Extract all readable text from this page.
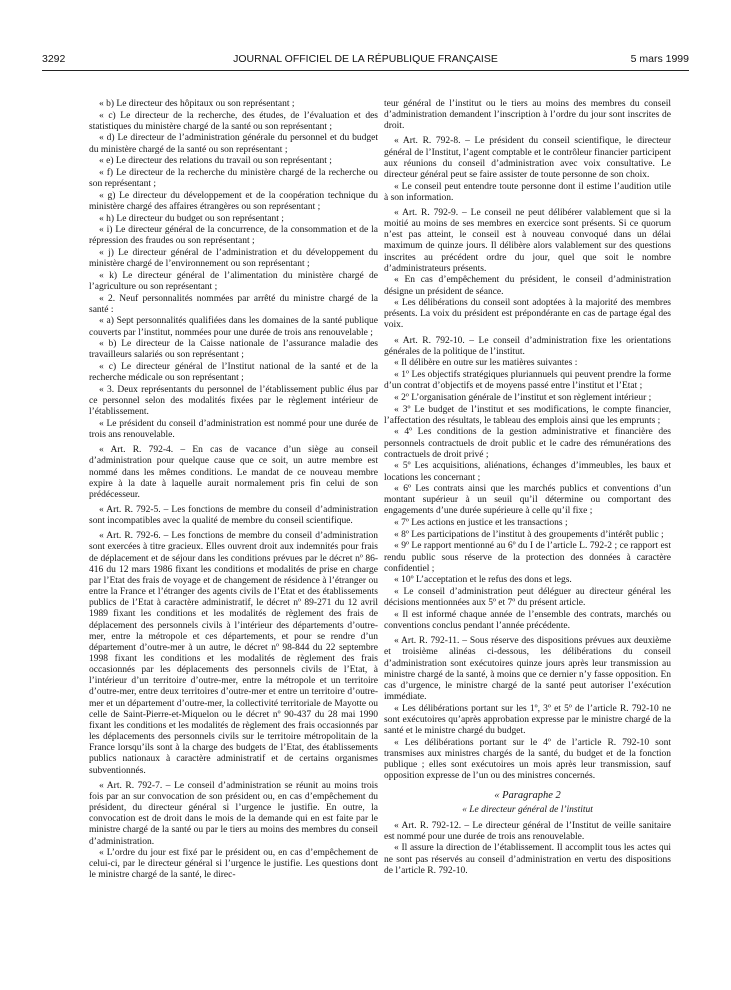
3292	JOURNAL OFFICIEL DE LA RÉPUBLIQUE FRANÇAISE	5 mars 1999

« b) Le directeur des hôpitaux ou son représentant ;

« c) Le directeur de la recherche, des études, de l’évaluation et des statistiques du ministère chargé de la santé ou son représentant ;

« d) Le directeur de l’administration générale du personnel et du budget du ministère chargé de la santé ou son représentant ;

« e) Le directeur des relations du travail ou son représentant ;

« f) Le directeur de la recherche du ministère chargé de la recherche ou son représentant ;

« g) Le directeur du développement et de la coopération technique du ministère chargé des affaires étrangères ou son représentant ;

« h) Le directeur du budget ou son représentant ;

« i) Le directeur général de la concurrence, de la consommation et de la répression des fraudes ou son représentant ;

« j) Le directeur général de l’administration et du développement du ministère chargé de l’environnement ou son représentant ;

« k) Le directeur général de l’alimentation du ministère chargé de l’agriculture ou son représentant ;

« 2. Neuf personnalités nommées par arrêté du ministre chargé de la santé :

« a) Sept personnalités qualifiées dans les domaines de la santé publique couverts par l’institut, nommées pour une durée de trois ans renouvelable ;

« b) Le directeur de la Caisse nationale de l’assurance maladie des travailleurs salariés ou son représentant ;

« c) Le directeur général de l’Institut national de la santé et de la recherche médicale ou son représentant ;

« 3. Deux représentants du personnel de l’établissement public élus par ce personnel selon des modalités fixées par le règlement intérieur de l’établissement.

« Le président du conseil d’administration est nommé pour une durée de trois ans renouvelable.

« Art. R. 792-4. – En cas de vacance d’un siège au conseil d’administration pour quelque cause que ce soit, un autre membre est nommé dans les mêmes conditions. Le mandat de ce nouveau membre expire à la date à laquelle aurait normalement pris fin celui de son prédécesseur.

« Art. R. 792-5. – Les fonctions de membre du conseil d’administration sont incompatibles avec la qualité de membre du conseil scientifique.

« Art. R. 792-6. – Les fonctions de membre du conseil d’administration sont exercées à titre gracieux. Elles ouvrent droit aux indemnités pour frais de déplacement et de séjour dans les conditions prévues par le décret nº 86-416 du 12 mars 1986 fixant les conditions et modalités de prise en charge par l’Etat des frais de voyage et de changement de résidence à l’étranger ou entre la France et l’étranger des agents civils de l’Etat et des établissements publics de l’Etat à caractère administratif, le décret nº 89-271 du 12 avril 1989 fixant les conditions et les modalités de règlement des frais de déplacement des personnels civils à l’intérieur des départements d’outre-mer, entre la métropole et ces départements, et pour se rendre d’un département d’outre-mer à un autre, le décret nº 98-844 du 22 septembre 1998 fixant les conditions et les modalités de règlement des frais occasionnés par les déplacements des personnels civils de l’Etat, à l’intérieur d’un territoire d’outre-mer, entre la métropole et un territoire d’outre-mer, entre deux territoires d’outre-mer et entre un territoire d’outre-mer et un département d’outre-mer, la collectivité territoriale de Mayotte ou celle de Saint-Pierre-et-Miquelon ou le décret nº 90-437 du 28 mai 1990 fixant les conditions et les modalités de règlement des frais occasionnés par les déplacements des personnels civils sur le territoire métropolitain de la France lorsqu’ils sont à la charge des budgets de l’Etat, des établissements publics nationaux à caractère administratif et de certains organismes subventionnés.

« Art. R. 792-7. – Le conseil d’administration se réunit au moins trois fois par an sur convocation de son président ou, en cas d’empêchement du président, du directeur général si l’urgence le justifie. En outre, la convocation est de droit dans le mois de la demande qui en est faite par le ministre chargé de la santé ou par le tiers au moins des membres du conseil d’administration.

« L’ordre du jour est fixé par le président ou, en cas d’empêchement de celui-ci, par le directeur général si l’urgence le justifie. Les questions dont le ministre chargé de la santé, le direc-

teur général de l’institut ou le tiers au moins des membres du conseil d’administration demandent l’inscription à l’ordre du jour sont inscrites de droit.

« Art. R. 792-8. – Le président du conseil scientifique, le directeur général de l’Institut, l’agent comptable et le contrôleur financier participent aux réunions du conseil d’administration avec voix consultative. Le directeur général peut se faire assister de toute personne de son choix.

« Le conseil peut entendre toute personne dont il estime l’audition utile à son information.

« Art. R. 792-9. – Le conseil ne peut délibérer valablement que si la moitié au moins de ses membres en exercice sont présents. Si ce quorum n’est pas atteint, le conseil est à nouveau convoqué dans un délai maximum de quinze jours. Il délibère alors valablement sur des questions inscrites au précédent ordre du jour, quel que soit le nombre d’administrateurs présents.

« En cas d’empêchement du président, le conseil d’administration désigne un président de séance.

« Les délibérations du conseil sont adoptées à la majorité des membres présents. La voix du président est prépondérante en cas de partage égal des voix.

« Art. R. 792-10. – Le conseil d’administration fixe les orientations générales de la politique de l’institut.

« Il délibère en outre sur les matières suivantes :

« 1º Les objectifs stratégiques pluriannuels qui peuvent prendre la forme d’un contrat d’objectifs et de moyens passé entre l’institut et l’Etat ;

« 2º L’organisation générale de l’institut et son règlement intérieur ;

« 3º Le budget de l’institut et ses modifications, le compte financier, l’affectation des résultats, le tableau des emplois ainsi que les emprunts ;

« 4º Les conditions de la gestion administrative et financière des personnels contractuels de droit public et le cadre des rémunérations des contractuels de droit privé ;

« 5º Les acquisitions, aliénations, échanges d’immeubles, les baux et locations les concernant ;

« 6º Les contrats ainsi que les marchés publics et conventions d’un montant supérieur à un seuil qu’il détermine ou comportant des engagements d’une durée supérieure à celle qu’il fixe ;

« 7º Les actions en justice et les transactions ;

« 8º Les participations de l’institut à des groupements d’intérêt public ;

« 9º Le rapport mentionné au 6º du I de l’article L. 792-2 ; ce rapport est rendu public sous réserve de la protection des données à caractère confidentiel ;

« 10º L’acceptation et le refus des dons et legs.

« Le conseil d’administration peut déléguer au directeur général les décisions mentionnées aux 5º et 7º du présent article.

« Il est informé chaque année de l’ensemble des contrats, marchés ou conventions conclus pendant l’année précédente.

« Art. R. 792-11. – Sous réserve des dispositions prévues aux deuxième et troisième alinéas ci-dessous, les délibérations du conseil d’administration sont exécutoires quinze jours après leur transmission au ministre chargé de la santé, à moins que ce dernier n’y fasse opposition. En cas d’urgence, le ministre chargé de la santé peut autoriser l’exécution immédiate.

« Les délibérations portant sur les 1º, 3º et 5º de l’article R. 792-10 ne sont exécutoires qu’après approbation expresse par le ministre chargé de la santé et le ministre chargé du budget.

« Les délibérations portant sur le 4º de l’article R. 792-10 sont transmises aux ministres chargés de la santé, du budget et de la fonction publique ; elles sont exécutoires un mois après leur transmission, sauf opposition expresse de l’un ou des ministres concernés.

« Paragraphe 2

« Le directeur général de l’institut

« Art. R. 792-12. – Le directeur général de l’Institut de veille sanitaire est nommé pour une durée de trois ans renouvelable.

« Il assure la direction de l’établissement. Il accomplit tous les actes qui ne sont pas réservés au conseil d’administration en vertu des dispositions de l’article R. 792-10.
